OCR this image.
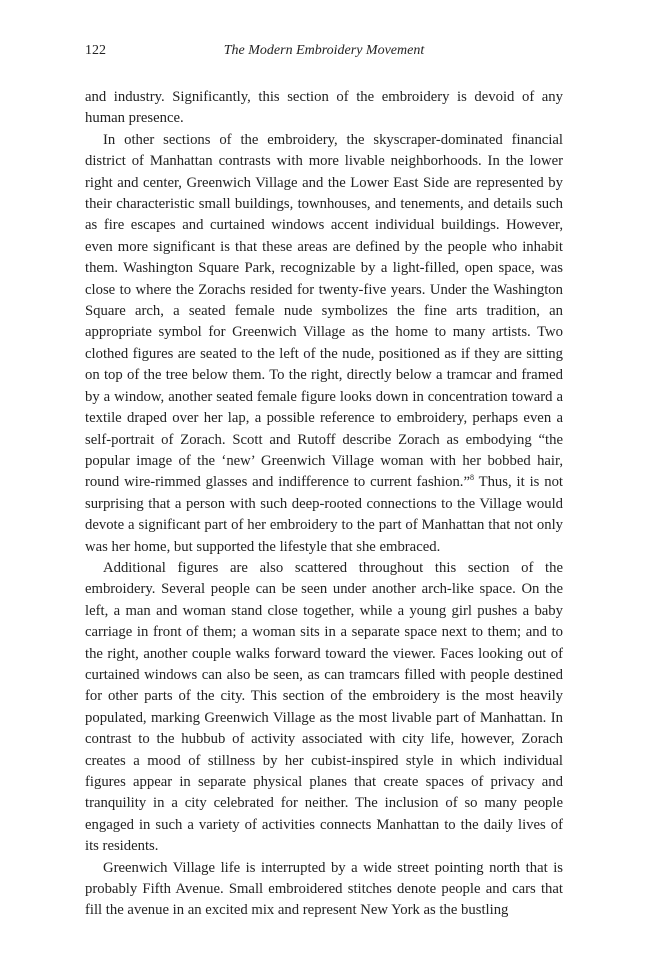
122	The Modern Embroidery Movement

and industry. Significantly, this section of the embroidery is devoid of any human presence.

In other sections of the embroidery, the skyscraper-dominated financial district of Manhattan contrasts with more livable neighborhoods. In the lower right and center, Greenwich Village and the Lower East Side are represented by their characteristic small buildings, townhouses, and tenements, and details such as fire escapes and curtained windows accent individual buildings. However, even more significant is that these areas are defined by the people who inhabit them. Washington Square Park, recognizable by a light-filled, open space, was close to where the Zorachs resided for twenty-five years. Under the Washington Square arch, a seated female nude symbolizes the fine arts tradition, an appropriate symbol for Greenwich Village as the home to many artists. Two clothed figures are seated to the left of the nude, positioned as if they are sitting on top of the tree below them. To the right, directly below a tramcar and framed by a window, another seated female figure looks down in concentration toward a textile draped over her lap, a possible reference to embroidery, perhaps even a self-portrait of Zorach. Scott and Rutoff describe Zorach as embodying “the popular image of the ‘new’ Greenwich Village woman with her bobbed hair, round wire-rimmed glasses and indifference to current fashion.”$^8$ Thus, it is not surprising that a person with such deep-rooted connections to the Village would devote a significant part of her embroidery to the part of Manhattan that not only was her home, but supported the lifestyle that she embraced.

Additional figures are also scattered throughout this section of the embroidery. Several people can be seen under another arch-like space. On the left, a man and woman stand close together, while a young girl pushes a baby carriage in front of them; a woman sits in a separate space next to them; and to the right, another couple walks forward toward the viewer. Faces looking out of curtained windows can also be seen, as can tramcars filled with people destined for other parts of the city. This section of the embroidery is the most heavily populated, marking Greenwich Village as the most livable part of Manhattan. In contrast to the hubbub of activity associated with city life, however, Zorach creates a mood of stillness by her cubist-inspired style in which individual figures appear in separate physical planes that create spaces of privacy and tranquility in a city celebrated for neither. The inclusion of so many people engaged in such a variety of activities connects Manhattan to the daily lives of its residents.

Greenwich Village life is interrupted by a wide street pointing north that is probably Fifth Avenue. Small embroidered stitches denote people and cars that fill the avenue in an excited mix and represent New York as the bustling
